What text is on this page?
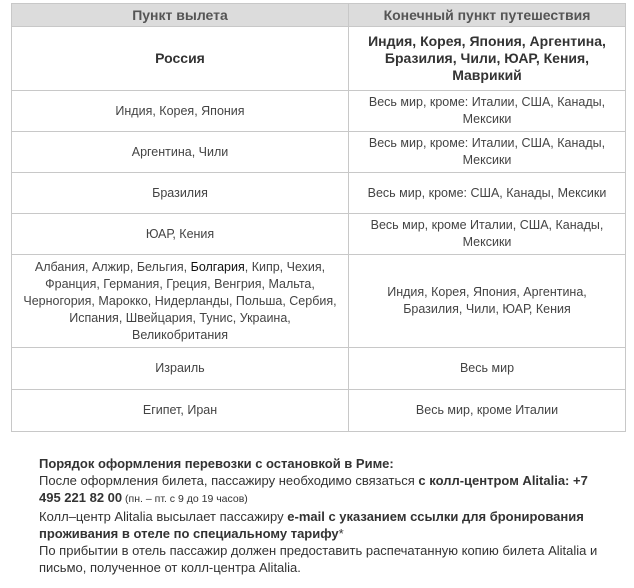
Пункт вылета	Конечный пункт путешествия
Россия	Индия, Корея, Япония, Аргентина, Бразилия, Чили, ЮАР, Кения, Маврикий
Индия, Корея, Япония	Весь мир, кроме: Италии, США, Канады, Мексики
Аргентина, Чили	Весь мир, кроме: Италии, США, Канады, Мексики
Бразилия	Весь мир, кроме: США, Канады, Мексики
ЮАР, Кения	Весь мир, кроме Италии, США, Канады, Мексики
Албания, Алжир, Бельгия, Болгария, Кипр, Чехия, Франция, Германия, Греция, Венгрия, Мальта, Черногория, Марокко, Нидерланды, Польша, Сербия, Испания, Швейцария, Тунис, Украина, Великобритания	Индия, Корея, Япония, Аргентина, Бразилия, Чили, ЮАР, Кения
Израиль	Весь мир
Египет, Иран	Весь мир, кроме Италии
Порядок оформления перевозки с остановкой в Риме:
После оформления билета, пассажиру необходимо связаться с колл-центром Alitalia: +7 495 221 82 00 (пн. – пт. с 9 до 19 часов)
Колл–центр Alitalia высылает пассажиру e-mail с указанием ссылки для бронирования проживания в отеле по специальному тарифу*
По прибытии в отель пассажир должен предоставить распечатанную копию билета Alitalia и письмо, полученное от колл-центра Alitalia.
